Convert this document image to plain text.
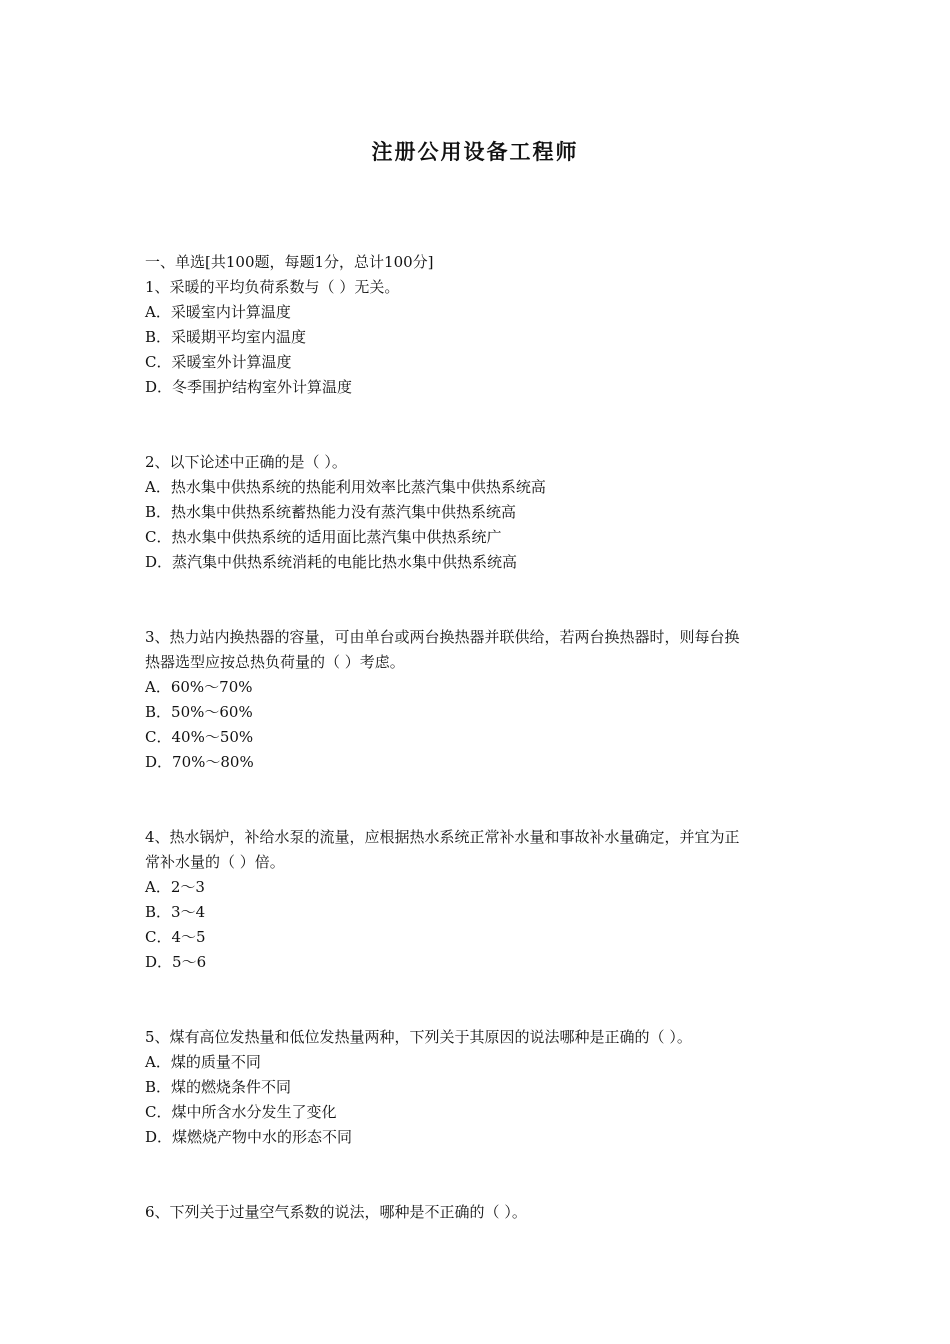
注册公用设备工程师

一、单选[共100题，每题1分，总计100分]

1、采暖的平均负荷系数与（ ）无关。

A．采暖室内计算温度

B．采暖期平均室内温度

C．采暖室外计算温度

D．冬季围护结构室外计算温度

2、以下论述中正确的是（ ）。

A．热水集中供热系统的热能利用效率比蒸汽集中供热系统高

B．热水集中供热系统蓄热能力没有蒸汽集中供热系统高

C．热水集中供热系统的适用面比蒸汽集中供热系统广

D．蒸汽集中供热系统消耗的电能比热水集中供热系统高

3、热力站内换热器的容量，可由单台或两台换热器并联供给，若两台换热器时，则每台换

热器选型应按总热负荷量的（ ）考虑。

A．60%～70%

B．50%～60%

C．40%～50%

D．70%～80%

4、热水锅炉，补给水泵的流量，应根据热水系统正常补水量和事故补水量确定，并宜为正

常补水量的（ ）倍。

A．2～3

B．3～4

C．4～5

D．5～6

5、煤有高位发热量和低位发热量两种，下列关于其原因的说法哪种是正确的（ ）。

A．煤的质量不同

B．煤的燃烧条件不同

C．煤中所含水分发生了变化

D．煤燃烧产物中水的形态不同

6、下列关于过量空气系数的说法，哪种是不正确的（ ）。
